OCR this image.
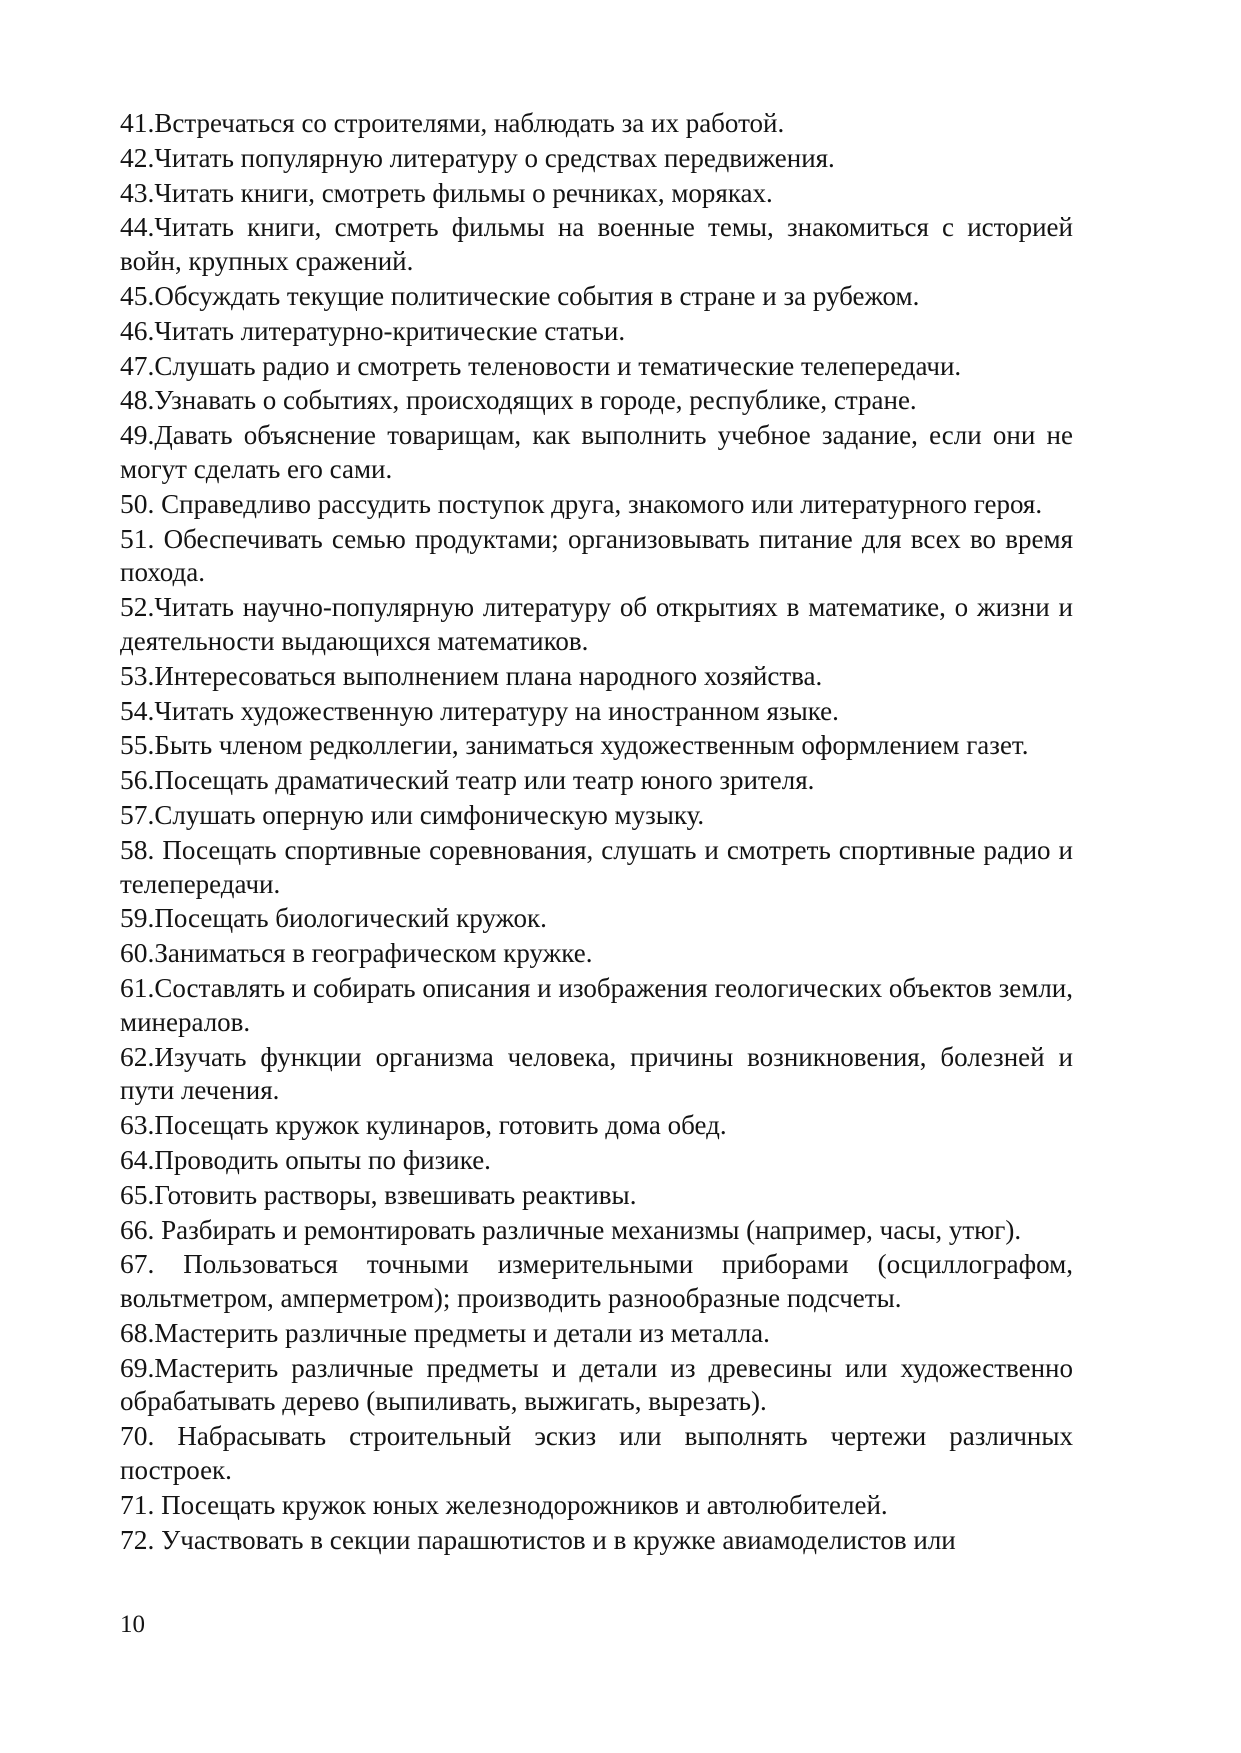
41.Встречаться со строителями, наблюдать за их работой.

42.Читать популярную литературу о средствах передвижения.

43.Читать книги, смотреть фильмы о речниках, моряках.

44.Читать книги, смотреть фильмы на военные темы, знакомиться с историей войн, крупных сражений.

45.Обсуждать текущие политические события в стране и за рубежом.

46.Читать литературно-критические статьи.

47.Слушать радио и смотреть теленовости и тематические телепередачи.

48.Узнавать о событиях, происходящих в городе, республике, стране.

49.Давать объяснение товарищам, как выполнить учебное задание, если они не могут сделать его сами.

50. Справедливо рассудить поступок друга, знакомого или литературного героя.

51. Обеспечивать семью продуктами; организовывать питание для всех во время похода.

52.Читать научно-популярную литературу об открытиях в математике, о жизни и деятельности выдающихся математиков.

53.Интересоваться выполнением плана народного хозяйства.

54.Читать художественную литературу на иностранном языке.

55.Быть членом редколлегии, заниматься художественным оформлением газет.

56.Посещать драматический театр или театр юного зрителя.

57.Слушать оперную или симфоническую музыку.

58. Посещать спортивные соревнования, слушать и смотреть спортивные радио и телепередачи.

59.Посещать биологический кружок.

60.Заниматься в географическом кружке.

61.Составлять и собирать описания и изображения геологических объектов земли, минералов.

62.Изучать функции организма человека, причины возникновения, болезней и пути лечения.

63.Посещать кружок кулинаров, готовить дома обед.

64.Проводить опыты по физике.

65.Готовить растворы, взвешивать реактивы.

66. Разбирать и ремонтировать различные механизмы (например, часы, утюг).

67. Пользоваться точными измерительными приборами (осциллографом, вольтметром, амперметром); производить разнообразные подсчеты.

68.Мастерить различные предметы и детали из металла.

69.Мастерить различные предметы и детали из древесины или художественно обрабатывать дерево (выпиливать, выжигать, вырезать).

70. Набрасывать строительный эскиз или выполнять чертежи различных построек.

71. Посещать кружок юных железнодорожников и автолюбителей.

72. Участвовать в секции парашютистов и в кружке авиамоделистов или

10
